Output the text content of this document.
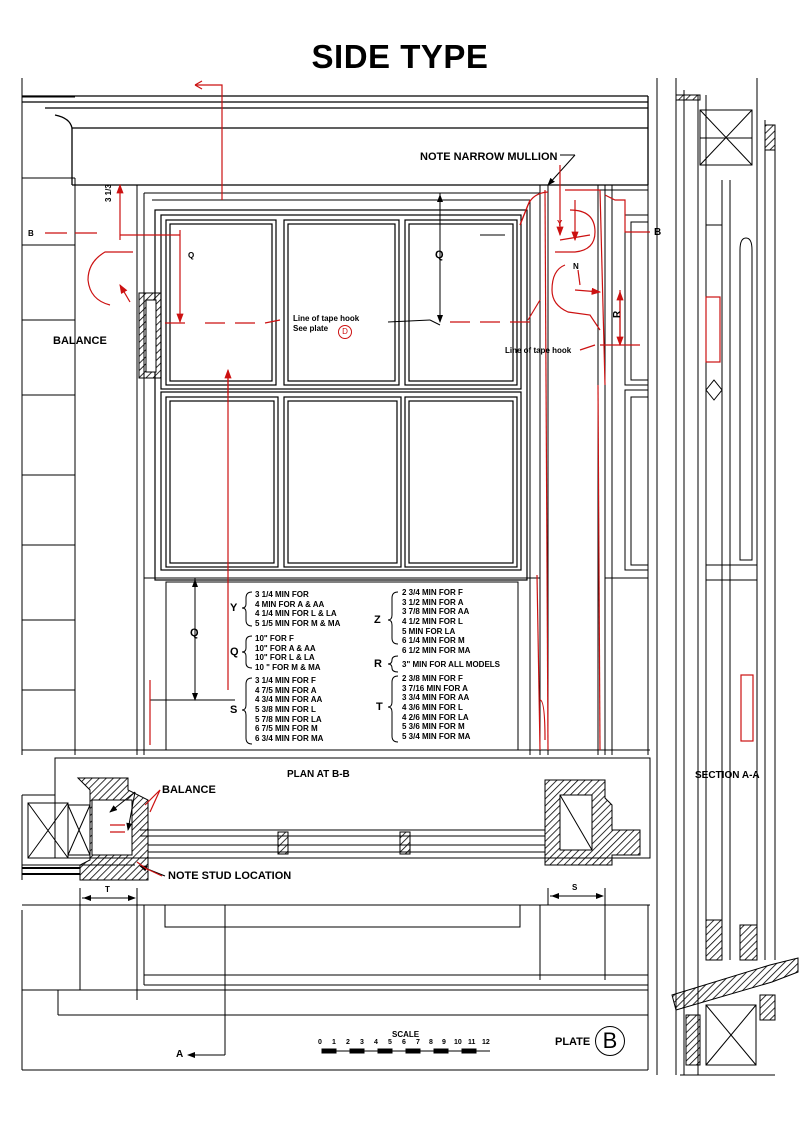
SIDE TYPE
NOTE NARROW MULLION
BALANCE
Line of tape hook
See plate	D
Line of tape hook
B	B
3 1/3
Q	Q
Y
N
R
Q
Y
3 1/4 MIN FOR
4 MIN FOR A & AA
4 1/4 MIN FOR L & LA
5 1/5 MIN FOR M & MA
Q
10" FOR F
10" FOR A & AA
10" FOR L & LA
10 " FOR M & MA
S
3 1/4 MIN FOR F
4 7/5 MIN FOR A
4 3/4 MIN FOR AA
5 3/8 MIN FOR L
5 7/8 MIN FOR LA
6 7/5 MIN FOR M
6 3/4 MIN FOR MA
Z
2 3/4 MIN FOR F
3 1/2 MIN FOR A
3 7/8 MIN FOR AA
4 1/2 MIN FOR L
5 MIN FOR LA
6 1/4 MIN FOR M
6 1/2 MIN FOR MA
R	3" MIN FOR ALL MODELS
T
2 3/8 MIN FOR F
3 7/16 MIN FOR A
3 3/4 MIN FOR AA
4 3/6 MIN FOR L
4 2/6 MIN FOR LA
5 3/6 MIN FOR M
5 3/4 MIN FOR MA
PLAN AT B-B
BALANCE
NOTE STUD LOCATION
SECTION A-A
T	S
A
SCALE
0 1 2 3 4 5 6 7 8 9 10 11 12	PLATE B
